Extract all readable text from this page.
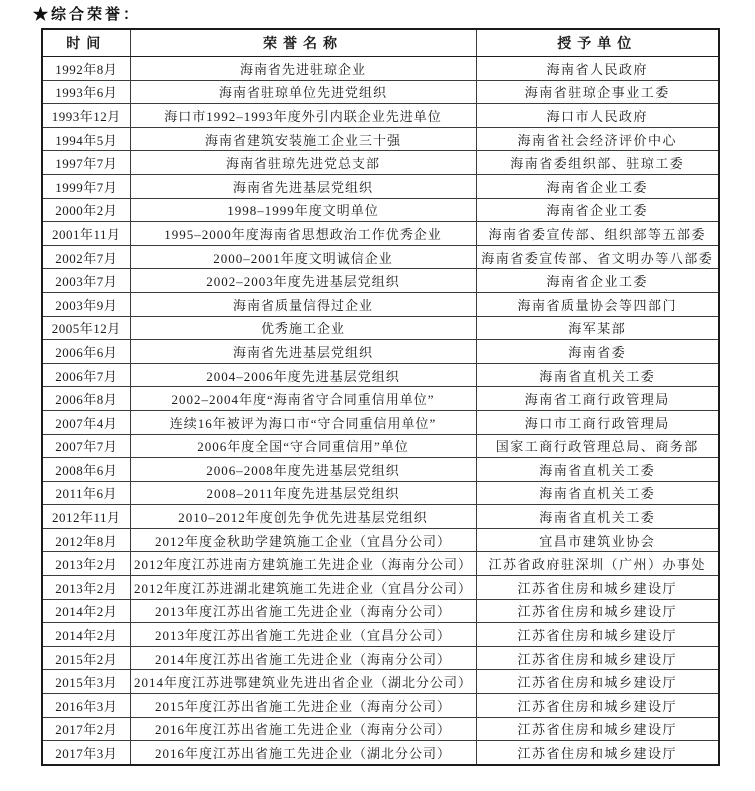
★综合荣誉：
时间	荣誉名称	授予单位
1992年8月	海南省先进驻琼企业	海南省人民政府
1993年6月	海南省驻琼单位先进党组织	海南省驻琼企事业工委
1993年12月	海口市1992–1993年度外引内联企业先进单位	海口市人民政府
1994年5月	海南省建筑安装施工企业三十强	海南省社会经济评价中心
1997年7月	海南省驻琼先进党总支部	海南省委组织部、驻琼工委
1999年7月	海南省先进基层党组织	海南省企业工委
2000年2月	1998–1999年度文明单位	海南省企业工委
2001年11月	1995–2000年度海南省思想政治工作优秀企业	海南省委宣传部、组织部等五部委
2002年7月	2000–2001年度文明诚信企业	海南省委宣传部、省文明办等八部委
2003年7月	2002–2003年度先进基层党组织	海南省企业工委
2003年9月	海南省质量信得过企业	海南省质量协会等四部门
2005年12月	优秀施工企业	海军某部
2006年6月	海南省先进基层党组织	海南省委
2006年7月	2004–2006年度先进基层党组织	海南省直机关工委
2006年8月	2002–2004年度“海南省守合同重信用单位”	海南省工商行政管理局
2007年4月	连续16年被评为海口市“守合同重信用单位”	海口市工商行政管理局
2007年7月	2006年度全国“守合同重信用”单位	国家工商行政管理总局、商务部
2008年6月	2006–2008年度先进基层党组织	海南省直机关工委
2011年6月	2008–2011年度先进基层党组织	海南省直机关工委
2012年11月	2010–2012年度创先争优先进基层党组织	海南省直机关工委
2012年8月	2012年度金秋助学建筑施工企业（宜昌分公司）	宜昌市建筑业协会
2013年2月	2012年度江苏进南方建筑施工先进企业（海南分公司）	江苏省政府驻深圳（广州）办事处
2013年2月	2012年度江苏进湖北建筑施工先进企业（宜昌分公司）	江苏省住房和城乡建设厅
2014年2月	2013年度江苏出省施工先进企业（海南分公司）	江苏省住房和城乡建设厅
2014年2月	2013年度江苏出省施工先进企业（宜昌分公司）	江苏省住房和城乡建设厅
2015年2月	2014年度江苏出省施工先进企业（海南分公司）	江苏省住房和城乡建设厅
2015年3月	2014年度江苏进鄂建筑业先进出省企业（湖北分公司）	江苏省住房和城乡建设厅
2016年3月	2015年度江苏出省施工先进企业（海南分公司）	江苏省住房和城乡建设厅
2017年2月	2016年度江苏出省施工先进企业（海南分公司）	江苏省住房和城乡建设厅
2017年3月	2016年度江苏出省施工先进企业（湖北分公司）	江苏省住房和城乡建设厅
